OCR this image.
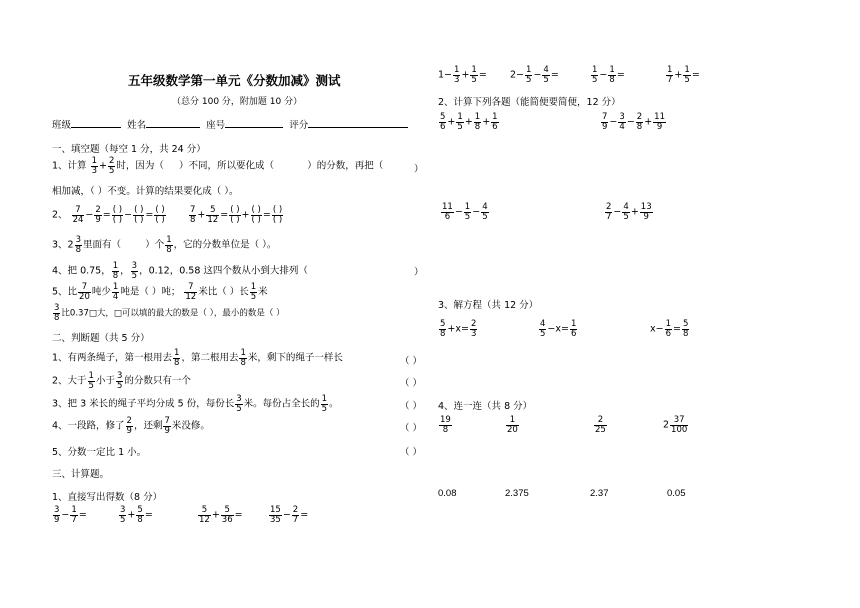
五年级数学第一单元《分数加减》测试
（总分 100 分，附加题 10 分）
班级	姓名	座号	评分
一、填空题（每空 1 分，共 24 分）
1、计算 $\frac{1}{3} + \frac{2}{5}$ 时，因为（ ）不同，所以要化成（	）的分数，再把（	）
相加减，（ ）不变。计算的结果要化成（ ）。
2、 $\frac{7}{24} - \frac{2}{9} = \frac{( )}{( )} - \frac{( )}{( )} = \frac{( )}{( )}$	$\frac{7}{8} + \frac{5}{12} = \frac{( )}{( )} + \frac{( )}{( )} = \frac{( )}{( )}$
3、$2 \frac{3}{8}$ 里面有（	）个 $\frac{1}{8}$ ，它的分数单位是（ ）。
4、把 0.75， $\frac{1}{8}$ ， $\frac{3}{5}$ ，0.12，0.58 这四个数从小到大排列（	）
5、比 $\frac{7}{20}$ 吨少 $\frac{1}{4}$ 吨是（ ）吨； $\frac{7}{12}$ 米比（ ）长 $\frac{1}{5}$ 米
$\frac{3}{8}$ 比0.37□大，□可以填的最大的数是（ ），最小的数是（ ）
二、判断题（共 5 分）
1、有两条绳子，第一根用去 $\frac{1}{8}$ ，第二根用去 $\frac{1}{8}$ 米，剩下的绳子一样长	（ ）
2、大于 $\frac{1}{5}$ 小于 $\frac{3}{5}$ 的分数只有一个	（ ）
3、把 3 米长的绳子平均分成 5 份，每份长 $\frac{3}{5}$ 米。每份占全长的 $\frac{1}{5}$ 。	（ ）
4、一段路，修了 $\frac{2}{9}$ ，还剩 $\frac{7}{9}$ 米没修。	（ ）
5、分数一定比 1 小。	（ ）
三、计算题。
1、直接写出得数（8 分）
$\frac{3}{9} - \frac{1}{7}$ =	$\frac{3}{5} + \frac{5}{8}$ =	$\frac{5}{12} + \frac{5}{36}$ =	$\frac{15}{35} - \frac{2}{7}$ =
$1- \frac{1}{3} + \frac{1}{5} = 2- \frac{1}{5} - \frac{4}{5}$ =	$\frac{1}{5} - \frac{1}{8}$ =	$\frac{1}{7} + \frac{1}{5}$ =
2、计算下列各题（能简便要简便，12 分）
$\frac{5}{6} + \frac{1}{5} + \frac{1}{8} + \frac{1}{6}$	$\frac{7}{9} - \frac{3}{4} - \frac{2}{8} + \frac{11}{9}$
$\frac{11}{6} - \frac{1}{5} - \frac{4}{5}$	$\frac{2}{7} - \frac{4}{5} + \frac{13}{9}$
3、解方程（共 12 分）
$\frac{5}{8} +x= \frac{2}{3}$	$\frac{4}{5} -x= \frac{1}{6}$	$x- \frac{1}{6} = \frac{5}{8}$
4、连一连（共 8 分）
$\frac{19}{8}$	$\frac{1}{20}$	$\frac{2}{25}$	$2 \frac{37}{100}$
0.08	2.375	2.37	0.05
